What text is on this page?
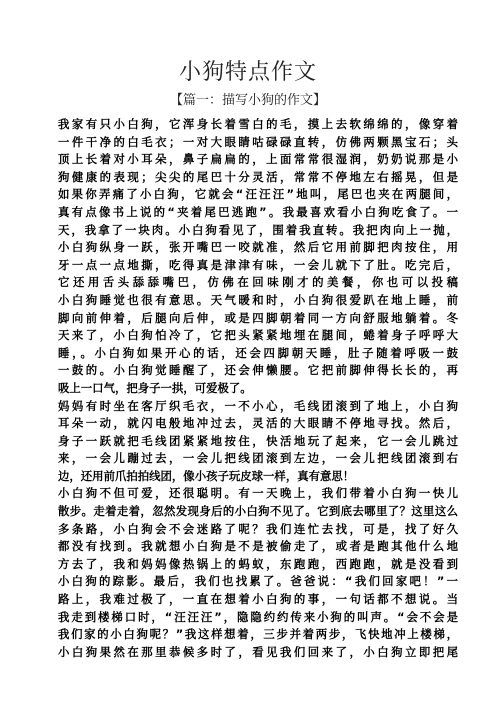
小狗特点作文
【篇一：描写小狗的作文】
我家有只小白狗，它浑身长着雪白的毛，摸上去软绵绵的，像穿着
一件干净的白毛衣；一对大眼睛咕碌碌直转，仿佛两颗黑宝石；头
顶上长着对小耳朵，鼻子扁扁的，上面常常很湿润，奶奶说那是小
狗健康的表现；尖尖的尾巴十分灵活，常常不停地左右摇晃，但是
如果你弄痛了小白狗，它就会“汪汪汪”地叫，尾巴也夹在两腿间，
真有点像书上说的“夹着尾巴逃跑”。我最喜欢看小白狗吃食了。一
天，我拿了一块肉。小白狗看见了，围着我直转。我把肉向上一抛，
小白狗纵身一跃，张开嘴巴一咬就准，然后它用前脚把肉按住，用
牙一点一点地撕，吃得真是津津有味，一会儿就下了肚。吃完后，
它还用舌头舔舔嘴巴，仿佛在回味刚才的美餐，你也可以投稿
小白狗睡觉也很有意思。天气暖和时，小白狗很爱趴在地上睡，前
脚向前伸着，后腿向后伸，或是四脚朝着同一方向舒服地躺着。冬
天来了，小白狗怕冷了，它把头紧紧地埋在腿间，蜷着身子呼呼大
睡，。小白狗如果开心的话，还会四脚朝天睡，肚子随着呼吸一鼓
一鼓的。小白狗觉睡醒了，还会伸懒腰。它把前脚伸得长长的，再
吸上一口气，把身子一拱，可爱极了。
妈妈有时坐在客厅织毛衣，一不小心，毛线团滚到了地上，小白狗
耳朵一动，就闪电般地冲过去，灵活的大眼睛不停地寻找。然后，
身子一跃就把毛线团紧紧地按住，快活地玩了起来，它一会儿跳过
来，一会儿蹦过去，一会儿把线团滚到左边，一会儿把线团滚到右
边，还用前爪拍拍线团，像小孩子玩皮球一样，真有意思！
小白狗不但可爱，还很聪明。有一天晚上，我们带着小白狗一快儿
散步。走着走着，忽然发现身后的小白狗不见了。它到底去哪里了？这里这么
多条路，小白狗会不会迷路了呢？我们连忙去找，可是，找了好久
都没有找到。我就想小白狗是不是被偷走了，或者是跑其他什么地
方去了，我和妈妈像热锅上的蚂蚁，东跑跑，西跑跑，就是没看到
小白狗的踪影。最后，我们也找累了。爸爸说：“我们回家吧！”一
路上，我难过极了，一直在想着小白狗的事，一句话都不想说。当
我走到楼梯口时，“汪汪汪”，隐隐约约传来小狗的叫声。“会不会是
我们家的小白狗呢？”我这样想着，三步并着两步，飞快地冲上楼梯，
小白狗果然在那里恭候多时了，看见我们回来了，小白狗立即把尾
